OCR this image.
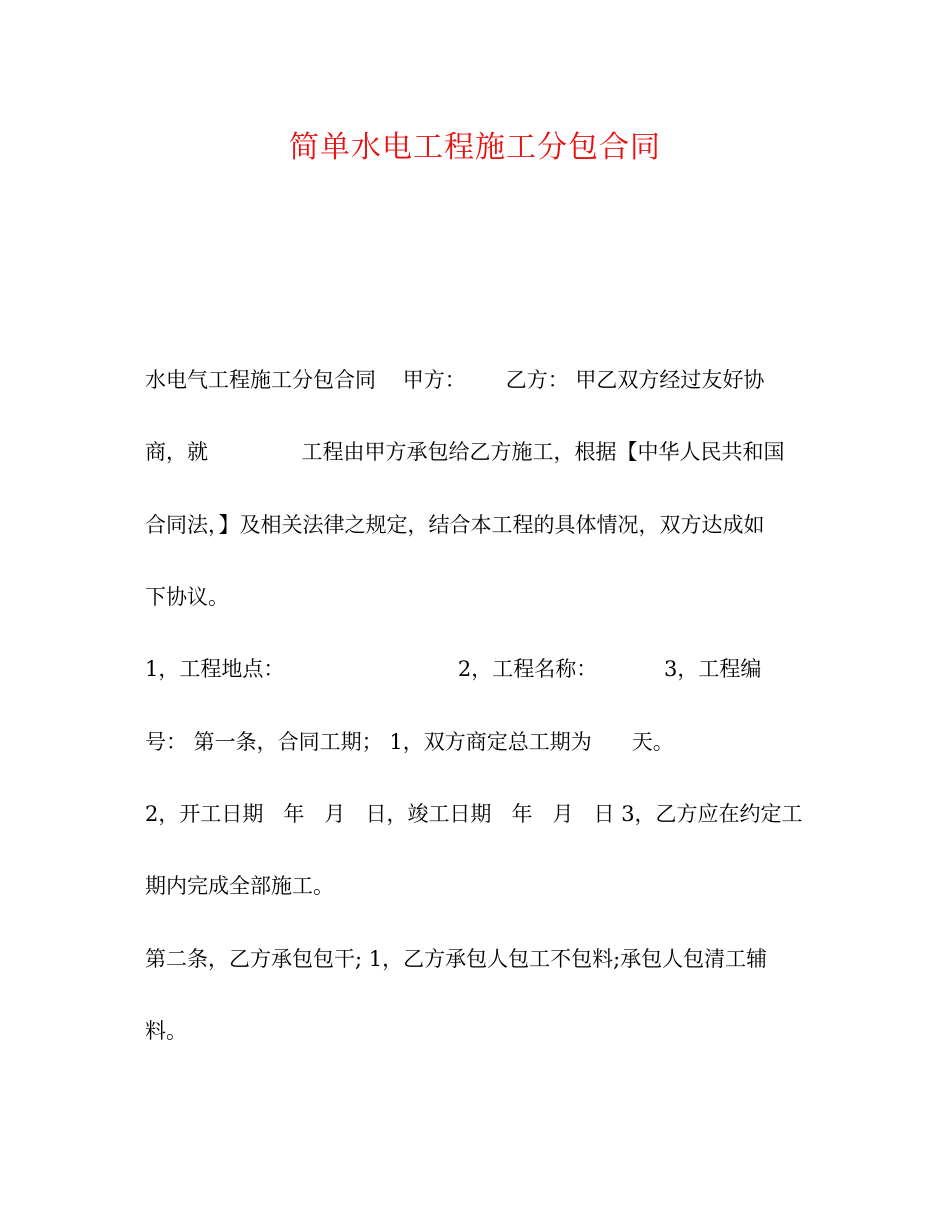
简单水电工程施工分包合同
水电气工程施工分包合同    甲方：      乙方： 甲乙双方经过友好协
商，就              工程由甲方承包给乙方施工，根据【中华人民共和国
合同法，】及相关法律之规定，结合本工程的具体情况，双方达成如
下协议。
1，工程地点：                          2，工程名称：          3，工程编
号： 第一条，合同工期； 1，双方商定总工期为      天。
2，开工日期   年   月   日，竣工日期   年   月   日 3，乙方应在约定工
期内完成全部施工。
第二条，乙方承包包干; 1，乙方承包人包工不包料;承包人包清工辅
料。
